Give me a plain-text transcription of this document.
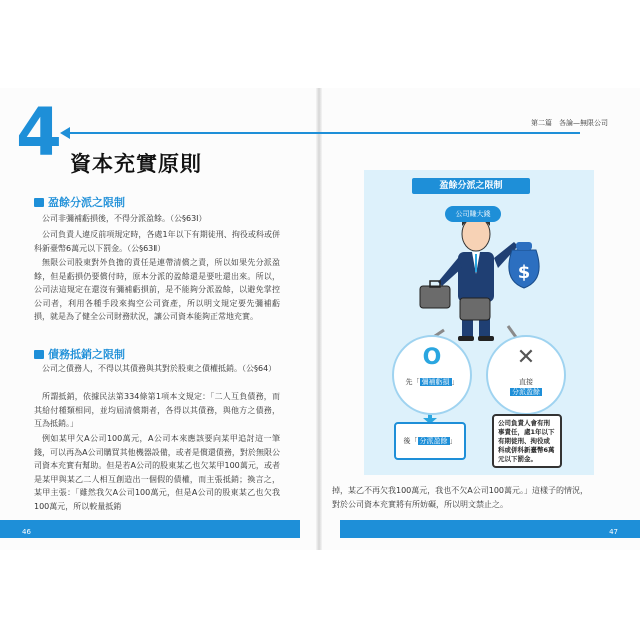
4	第二篇　各論—無限公司
資本充實原則
盈餘分派之限制
公司非彌補虧損後，不得分派盈餘。（公§63Ⅰ）
公司負責人違反前項規定時，各處1年以下有期徒刑、拘役或科或併科新臺幣6萬元以下罰金。（公§63Ⅱ）
無限公司股東對外負擔的責任是連帶清償之責，所以如果先分派盈餘，但是虧損仍要償付時，原本分派的盈餘還是要吐還出來。所以，公司法這規定在還沒有彌補虧損前，是不能夠分派盈餘，以避免掌控公司者，利用各種手段來掏空公司資產，所以明文規定要先彌補虧損，就是為了健全公司財務狀況，讓公司資本能夠正常地充實。
債務抵銷之限制
公司之債務人，不得以其債務與其對於股東之債權抵銷。（公§64）
所謂抵銷，依據民法第334條第1項本文規定：「二人互負債務，而其給付種類相同，並均屆清償期者，各得以其債務，與他方之債務，互為抵銷。」
例如某甲欠A公司100萬元，A公司本來應該要向某甲追討這一筆錢，可以再為A公司購買其他機器設備，或者是償還債務，對於無限公司資本充實有幫助。但是若A公司的股東某乙也欠某甲100萬元，或者是某甲與某乙二人相互創造出一個假的債權，而主張抵銷；換言之，某甲主張：「雖然我欠A公司100萬元，但是A公司的股東某乙也欠我100萬元，所以較量抵銷
46
$
盈餘分派之限制
公司賺大錢
O
先「 彌補虧損 」
✕
直接
分派盈餘
後「 分派盈餘 」
公司負責人會有刑事責任，處1年以下有期徒刑、拘役或科或併科新臺幣6萬元以下罰金。
掉，某乙不再欠我100萬元，我也不欠A公司100萬元。」這樣子的情況，對於公司資本充實將有所妨礙，所以明文禁止之。
47
